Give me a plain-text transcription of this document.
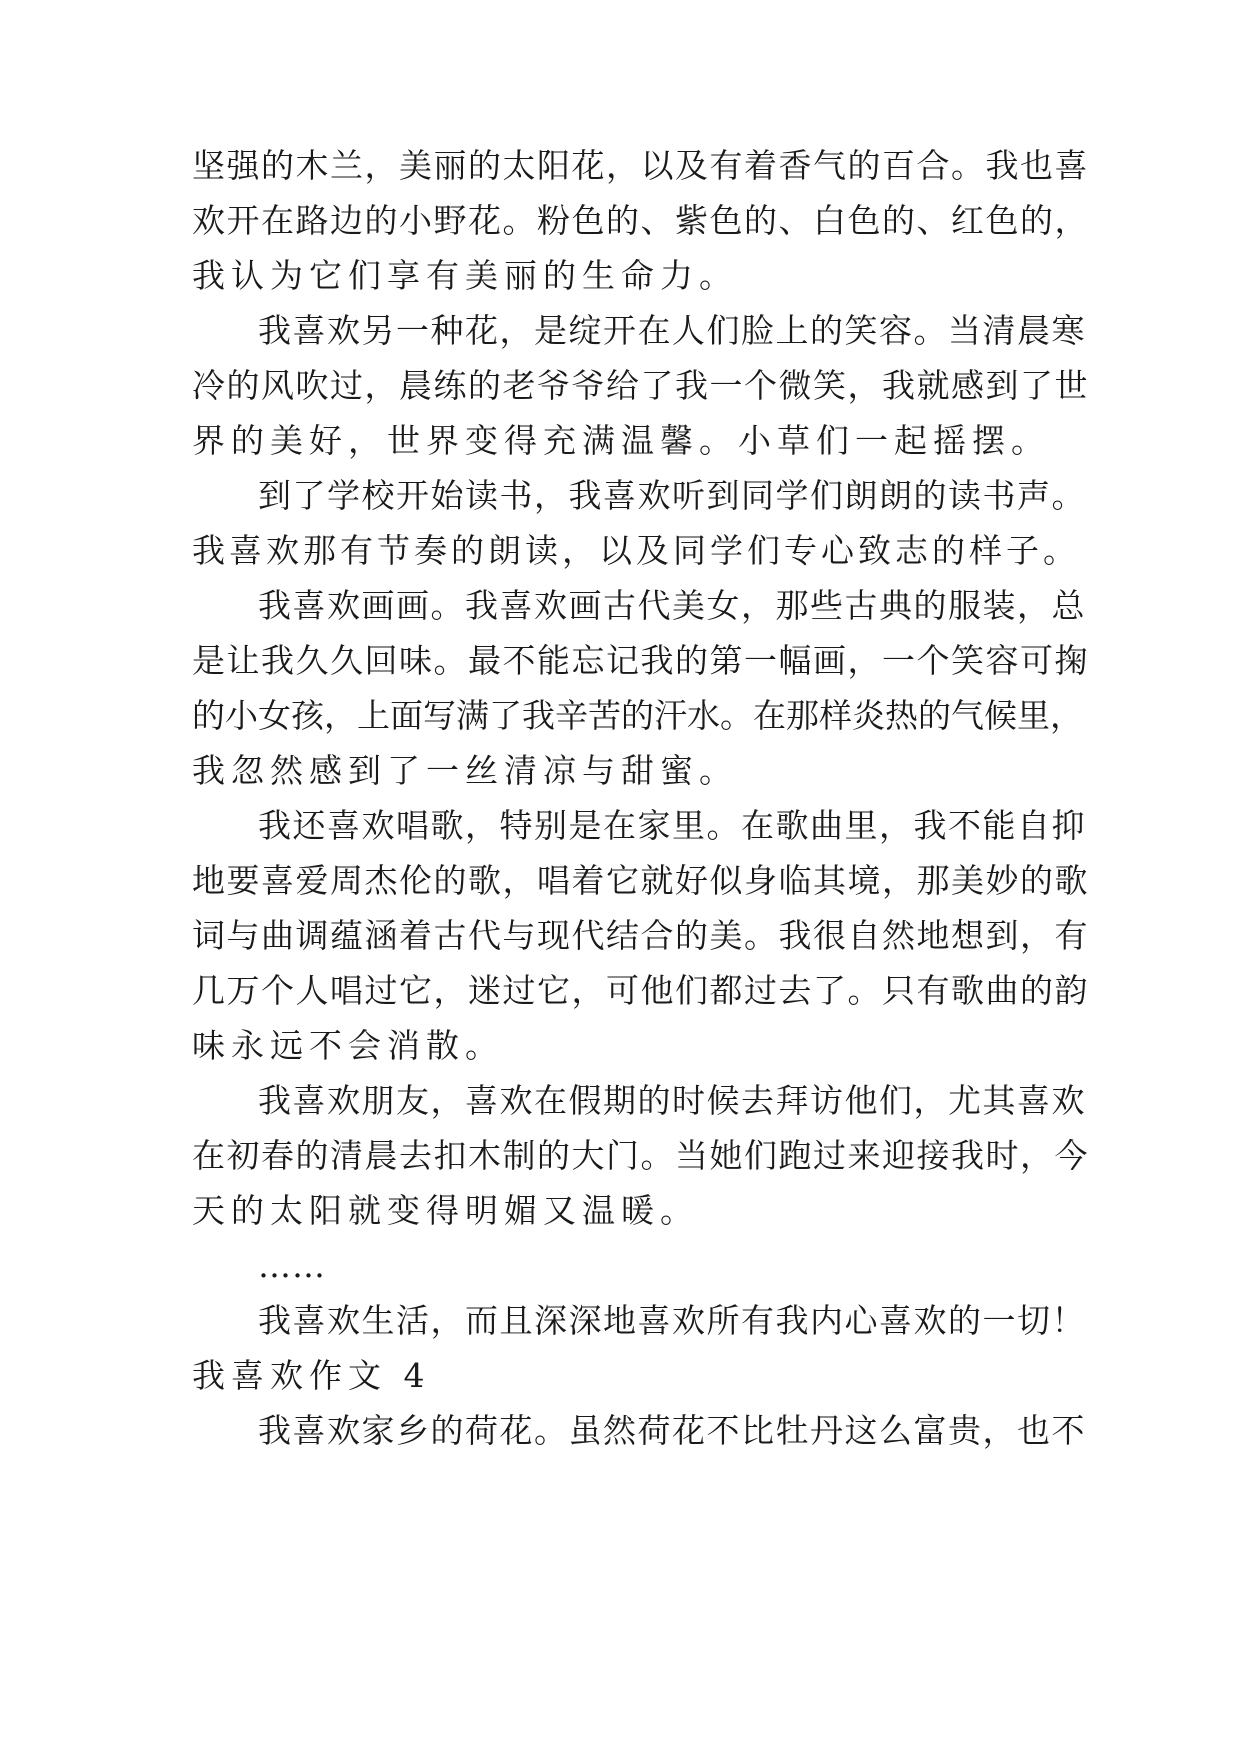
坚强的木兰，美丽的太阳花，以及有着香气的百合。我也喜
欢开在路边的小野花。粉色的、紫色的、白色的、红色的，
我认为它们享有美丽的生命力。
我喜欢另一种花，是绽开在人们脸上的笑容。当清晨寒
冷的风吹过，晨练的老爷爷给了我一个微笑，我就感到了世
界的美好，世界变得充满温馨。小草们一起摇摆。
到了学校开始读书，我喜欢听到同学们朗朗的读书声。
我喜欢那有节奏的朗读，以及同学们专心致志的样子。
我喜欢画画。我喜欢画古代美女，那些古典的服装，总
是让我久久回味。最不能忘记我的第一幅画，一个笑容可掬
的小女孩，上面写满了我辛苦的汗水。在那样炎热的气候里，
我忽然感到了一丝清凉与甜蜜。
我还喜欢唱歌，特别是在家里。在歌曲里，我不能自抑
地要喜爱周杰伦的歌，唱着它就好似身临其境，那美妙的歌
词与曲调蕴涵着古代与现代结合的美。我很自然地想到，有
几万个人唱过它，迷过它，可他们都过去了。只有歌曲的韵
味永远不会消散。
我喜欢朋友，喜欢在假期的时候去拜访他们，尤其喜欢
在初春的清晨去扣木制的大门。当她们跑过来迎接我时，今
天的太阳就变得明媚又温暖。
……
我喜欢生活，而且深深地喜欢所有我内心喜欢的一切！
我喜欢作文 4
我喜欢家乡的荷花。虽然荷花不比牡丹这么富贵，也不
